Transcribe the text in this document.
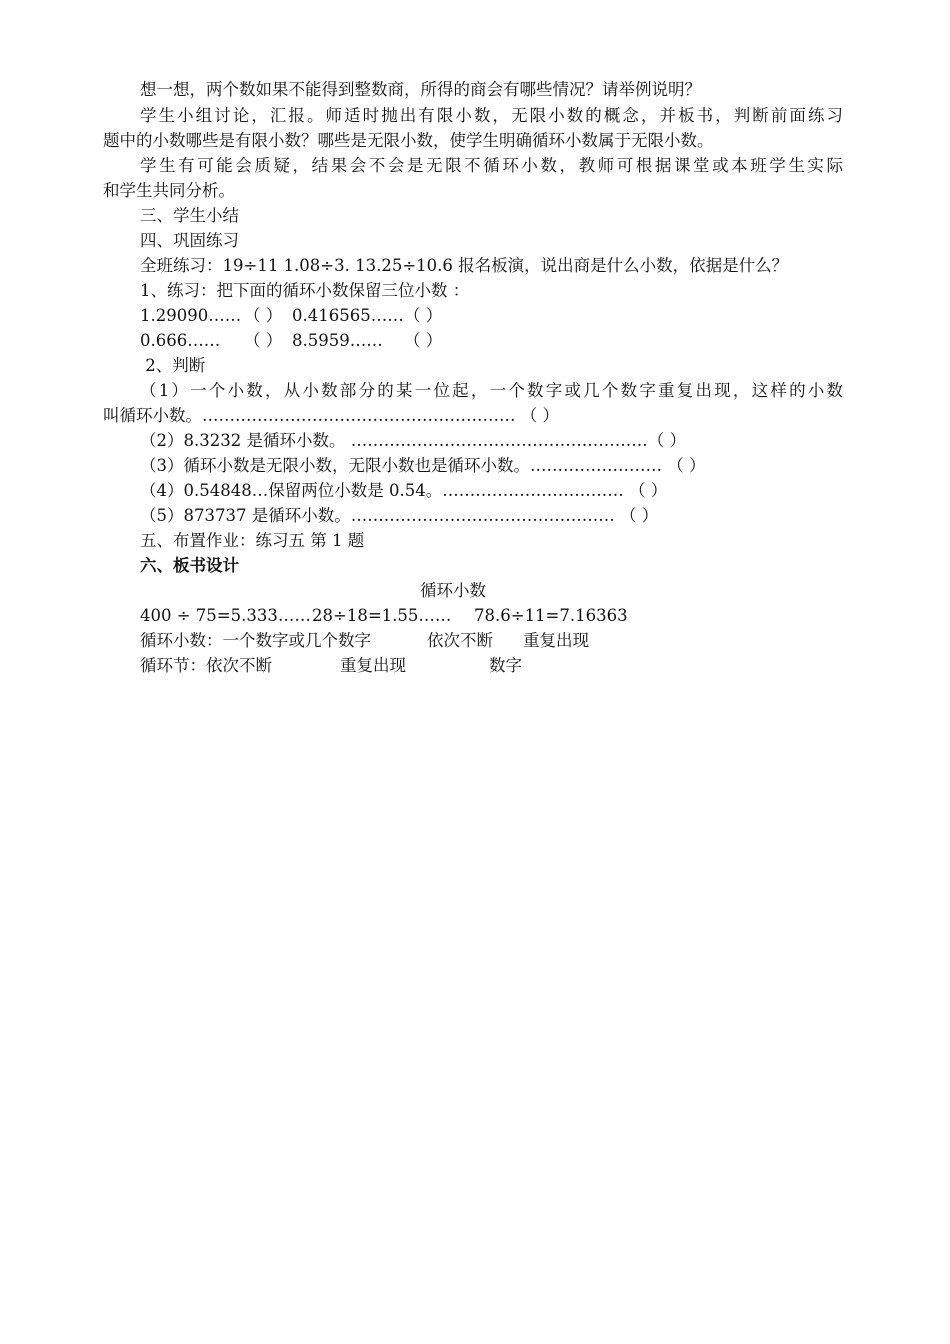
想一想，两个数如果不能得到整数商，所得的商会有哪些情况？请举例说明？
学生小组讨论，汇报。师适时抛出有限小数，无限小数的概念，并板书，判断前面练习
题中的小数哪些是有限小数？哪些是无限小数，使学生明确循环小数属于无限小数。
学生有可能会质疑，结果会不会是无限不循环小数，教师可根据课堂或本班学生实际
和学生共同分析。
三、学生小结
四、巩固练习
全班练习：19÷11 1.08÷3. 13.25÷10.6 报名板演，说出商是什么小数，依据是什么？
1、练习：把下面的循环小数保留三位小数 ：
1.29090…… （ ） 0.416565…… （ ）
0.666…… （ ） 8.5959…… （ ）
2、判断
（1）一个小数，从小数部分的某一位起，一个数字或几个数字重复出现，这样的小数
叫循环小数。………………………………………………… （ ）
（2）8.3232 是循环小数。 ………………………………………………（ ）
（3）循环小数是无限小数，无限小数也是循环小数。…………………… （ ）
（4）0.54848…保留两位小数是 0.54。…………………………… （ ）
（5）873737 是循环小数。………………………………………… （ ）
五、布置作业：练习五 第 1 题
六、板书设计
循环小数
400 ÷ 75=5.333…… 28÷18=1.55…… 78.6÷11=7.16363
循环小数：一个数字或几个数字	依次不断 重复出现
循环节：依次不断	重复出现	数字
